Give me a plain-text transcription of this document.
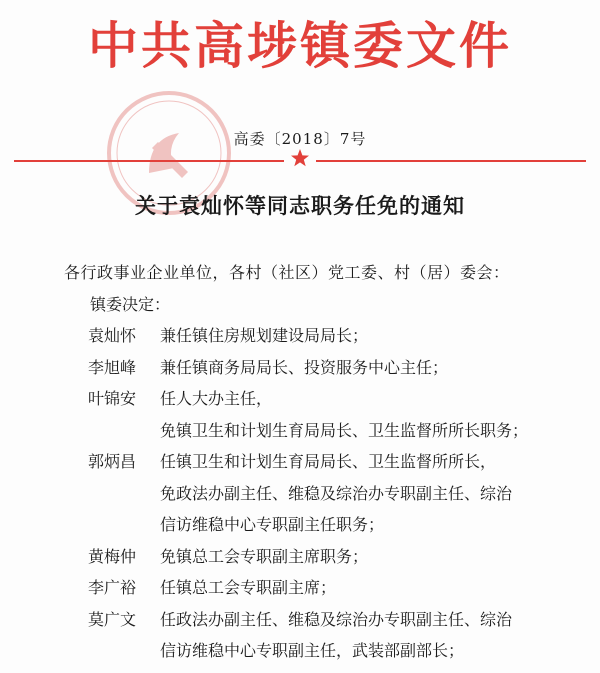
中共高埗镇委文件
高委〔2018〕7号
关于袁灿怀等同志职务任免的通知
各行政事业企业单位，各村（社区）党工委、村（居）委会：
镇委决定：
袁灿怀	兼任镇住房规划建设局局长；
李旭峰	兼任镇商务局局长、投资服务中心主任；
叶锦安	任人大办主任，
免镇卫生和计划生育局局长、卫生监督所所长职务；
郭炳昌	任镇卫生和计划生育局局长、卫生监督所所长，
免政法办副主任、维稳及综治办专职副主任、综治
信访维稳中心专职副主任职务；
黄梅仲	免镇总工会专职副主席职务；
李广裕	任镇总工会专职副主席；
莫广文	任政法办副主任、维稳及综治办专职副主任、综治
信访维稳中心专职副主任，武装部副部长；
